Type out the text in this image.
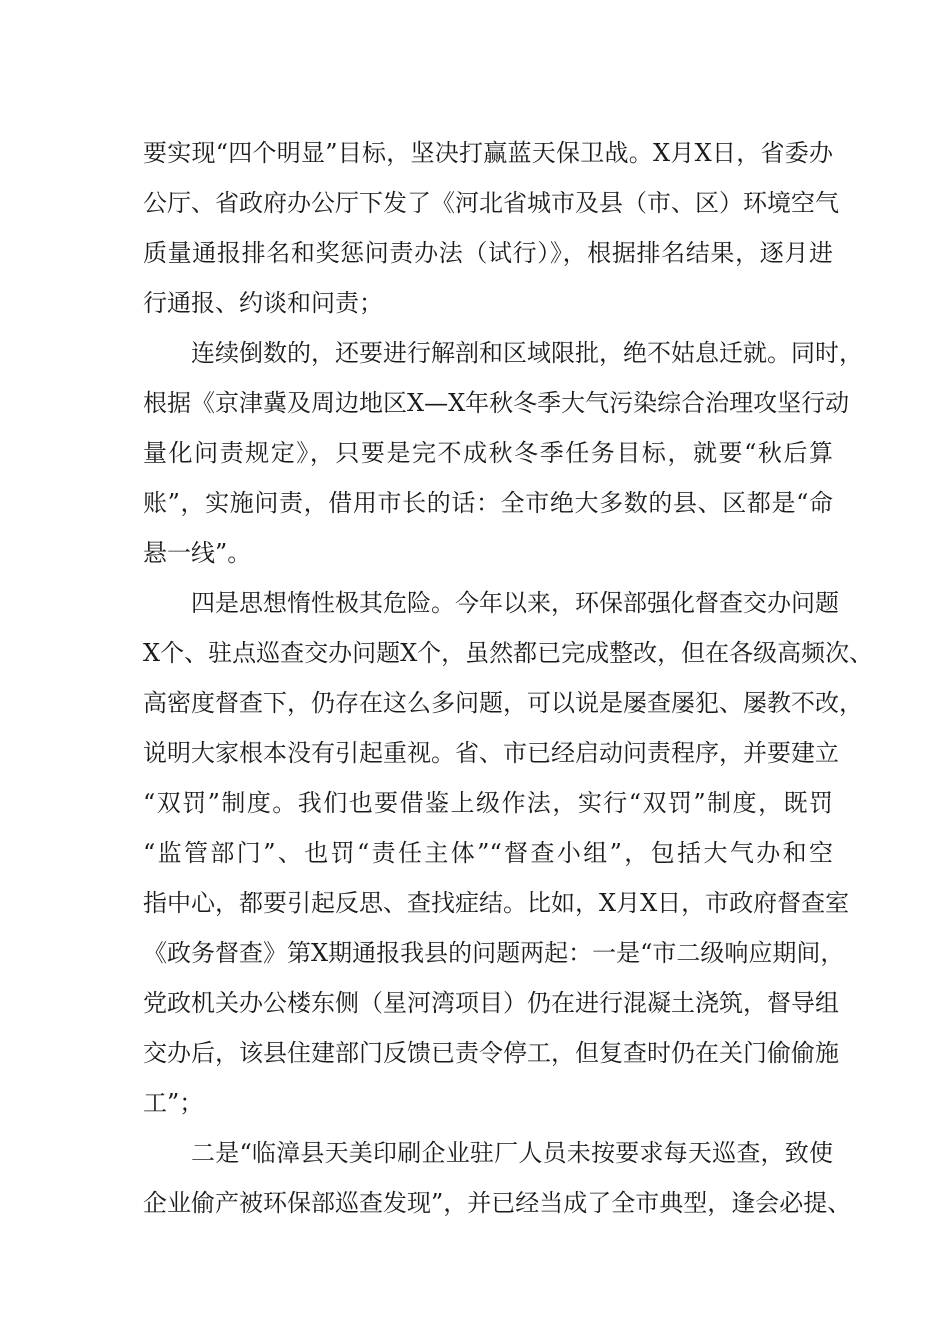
要实现“四个明显”目标，坚决打赢蓝天保卫战。X月X日，省委办
公厅、省政府办公厅下发了《河北省城市及县（市、区）环境空气
质量通报排名和奖惩问责办法（试行）》，根据排名结果，逐月进
行通报、约谈和问责；
连续倒数的，还要进行解剖和区域限批，绝不姑息迁就。同时，
根据《京津冀及周边地区X—X年秋冬季大气污染综合治理攻坚行动
量化问责规定》，只要是完不成秋冬季任务目标，就要“秋后算
账”，实施问责，借用市长的话：全市绝大多数的县、区都是“命
悬一线”。
四是思想惰性极其危险。今年以来，环保部强化督查交办问题
X个、驻点巡查交办问题X个，虽然都已完成整改，但在各级高频次、
高密度督查下，仍存在这么多问题，可以说是屡查屡犯、屡教不改，
说明大家根本没有引起重视。省、市已经启动问责程序，并要建立
“双罚”制度。我们也要借鉴上级作法，实行“双罚”制度，既罚
“监管部门”、也罚“责任主体”“督查小组”，包括大气办和空
指中心，都要引起反思、查找症结。比如，X月X日，市政府督查室
《政务督查》第X期通报我县的问题两起：一是“市二级响应期间，
党政机关办公楼东侧（星河湾项目）仍在进行混凝土浇筑，督导组
交办后，该县住建部门反馈已责令停工，但复查时仍在关门偷偷施
工”；
二是“临漳县天美印刷企业驻厂人员未按要求每天巡查，致使
企业偷产被环保部巡查发现”，并已经当成了全市典型，逢会必提、
